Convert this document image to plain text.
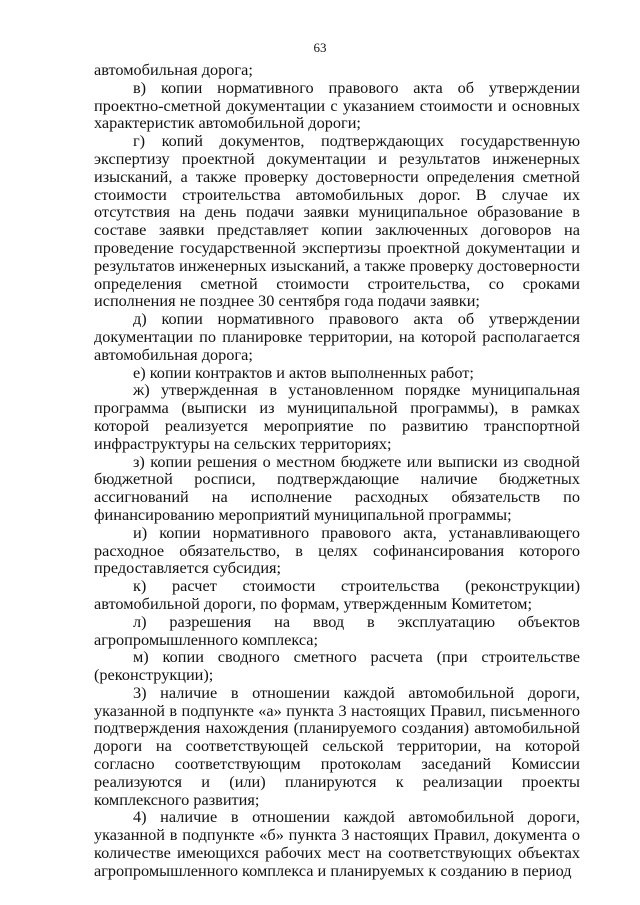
63

автомобильная дорога;

в) копии нормативного правового акта об утверждении проектно-сметной документации с указанием стоимости и основных характеристик автомобильной дороги;

г) копий документов, подтверждающих государственную экспертизу проектной документации и результатов инженерных изысканий, а также проверку достоверности определения сметной стоимости строительства автомобильных дорог. В случае их отсутствия на день подачи заявки муниципальное образование в составе заявки представляет копии заключенных договоров на проведение государственной экспертизы проектной документации и результатов инженерных изысканий, а также проверку достоверности определения сметной стоимости строительства, со сроками исполнения не позднее 30 сентября года подачи заявки;

д) копии нормативного правового акта об утверждении документации по планировке территории, на которой располагается автомобильная дорога;

е) копии контрактов и актов выполненных работ;

ж) утвержденная в установленном порядке муниципальная программа (выписки из муниципальной программы), в рамках которой реализуется мероприятие по развитию транспортной инфраструктуры на сельских территориях;

з) копии решения о местном бюджете или выписки из сводной бюджетной росписи, подтверждающие наличие бюджетных ассигнований на исполнение расходных обязательств по финансированию мероприятий муниципальной программы;

и) копии нормативного правового акта, устанавливающего расходное обязательство, в целях софинансирования которого предоставляется субсидия;

к) расчет стоимости строительства (реконструкции) автомобильной дороги, по формам, утвержденным Комитетом;

л) разрешения на ввод в эксплуатацию объектов агропромышленного комплекса;

м) копии сводного сметного расчета (при строительстве (реконструкции);

3) наличие в отношении каждой автомобильной дороги, указанной в подпункте «а» пункта 3 настоящих Правил, письменного подтверждения нахождения (планируемого создания) автомобильной дороги на соответствующей сельской территории, на которой согласно соответствующим протоколам заседаний Комиссии реализуются и (или) планируются к реализации проекты комплексного развития;

4) наличие в отношении каждой автомобильной дороги, указанной в подпункте «б» пункта 3 настоящих Правил, документа о количестве имеющихся рабочих мест на соответствующих объектах агропромышленного комплекса и планируемых к созданию в период
